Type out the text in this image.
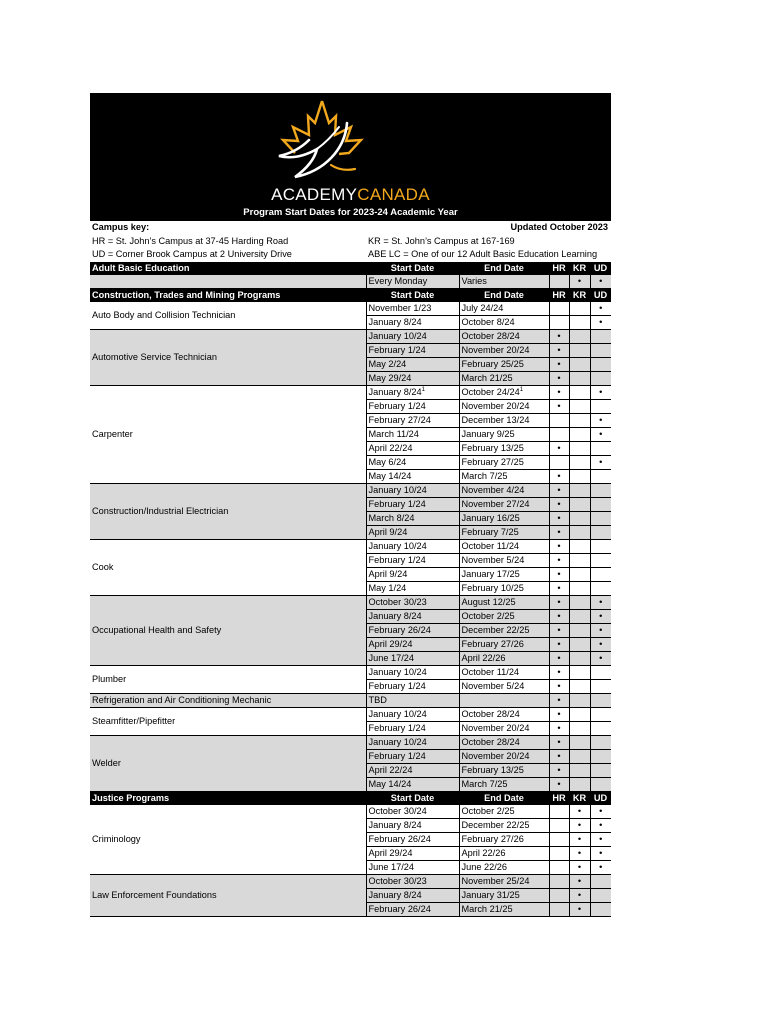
ACADEMYCANADA
Program Start Dates for 2023-24 Academic Year
Campus key:	Updated October 2023
HR = St. John’s Campus at 37-45 Harding Road	KR = St. John’s Campus at 167-169
UD = Corner Brook Campus at 2 University Drive	ABE LC = One of our 12 Adult Basic Education Learning
Adult Basic Education	Start Date	End Date	HR	KR	UD
	Every Monday	Varies		•	•
Construction, Trades and Mining Programs	Start Date	End Date	HR	KR	UD
Auto Body and Collision Technician	November 1/23	July 24/24			•
	January 8/24	October 8/24			•
Automotive Service Technician	January 10/24	October 28/24	•		
	February 1/24	November 20/24	•		
	May 2/24	February 25/25	•		
	May 29/24	March 21/25	•		
Carpenter	January $8/24^1$	October $24/24^1$	•		•
	February 1/24	November 20/24	•		
	February 27/24	December 13/24			•
	March 11/24	January 9/25			•
	April 22/24	February 13/25	•		
	May 6/24	February 27/25			•
	May 14/24	March 7/25	•		
Construction/Industrial Electrician	January 10/24	November 4/24	•		
	February 1/24	November 27/24	•		
	March 8/24	January 16/25	•		
	April 9/24	February 7/25	•		
Cook	January 10/24	October 11/24	•		
	February 1/24	November 5/24	•		
	April 9/24	January 17/25	•		
	May 1/24	February 10/25	•		
Occupational Health and Safety	October 30/23	August 12/25	•		•
	January 8/24	October 2/25	•		•
	February 26/24	December 22/25	•		•
	April 29/24	February 27/26	•		•
	June 17/24	April 22/26	•		•
Plumber	January 10/24	October 11/24	•		
	February 1/24	November 5/24	•		
Refrigeration and Air Conditioning Mechanic	TBD		•		
Steamfitter/Pipefitter	January 10/24	October 28/24	•		
	February 1/24	November 20/24	•		
Welder	January 10/24	October 28/24	•		
	February 1/24	November 20/24	•		
	April 22/24	February 13/25	•		
	May 14/24	March 7/25	•		
Justice Programs	Start Date	End Date	HR	KR	UD
Criminology	October 30/24	October 2/25		•	•
	January 8/24	December 22/25		•	•
	February 26/24	February 27/26		•	•
	April 29/24	April 22/26		•	•
	June 17/24	June 22/26		•	•
Law Enforcement Foundations	October 30/23	November 25/24		•	
	January 8/24	January 31/25		•	
	February 26/24	March 21/25		•	
